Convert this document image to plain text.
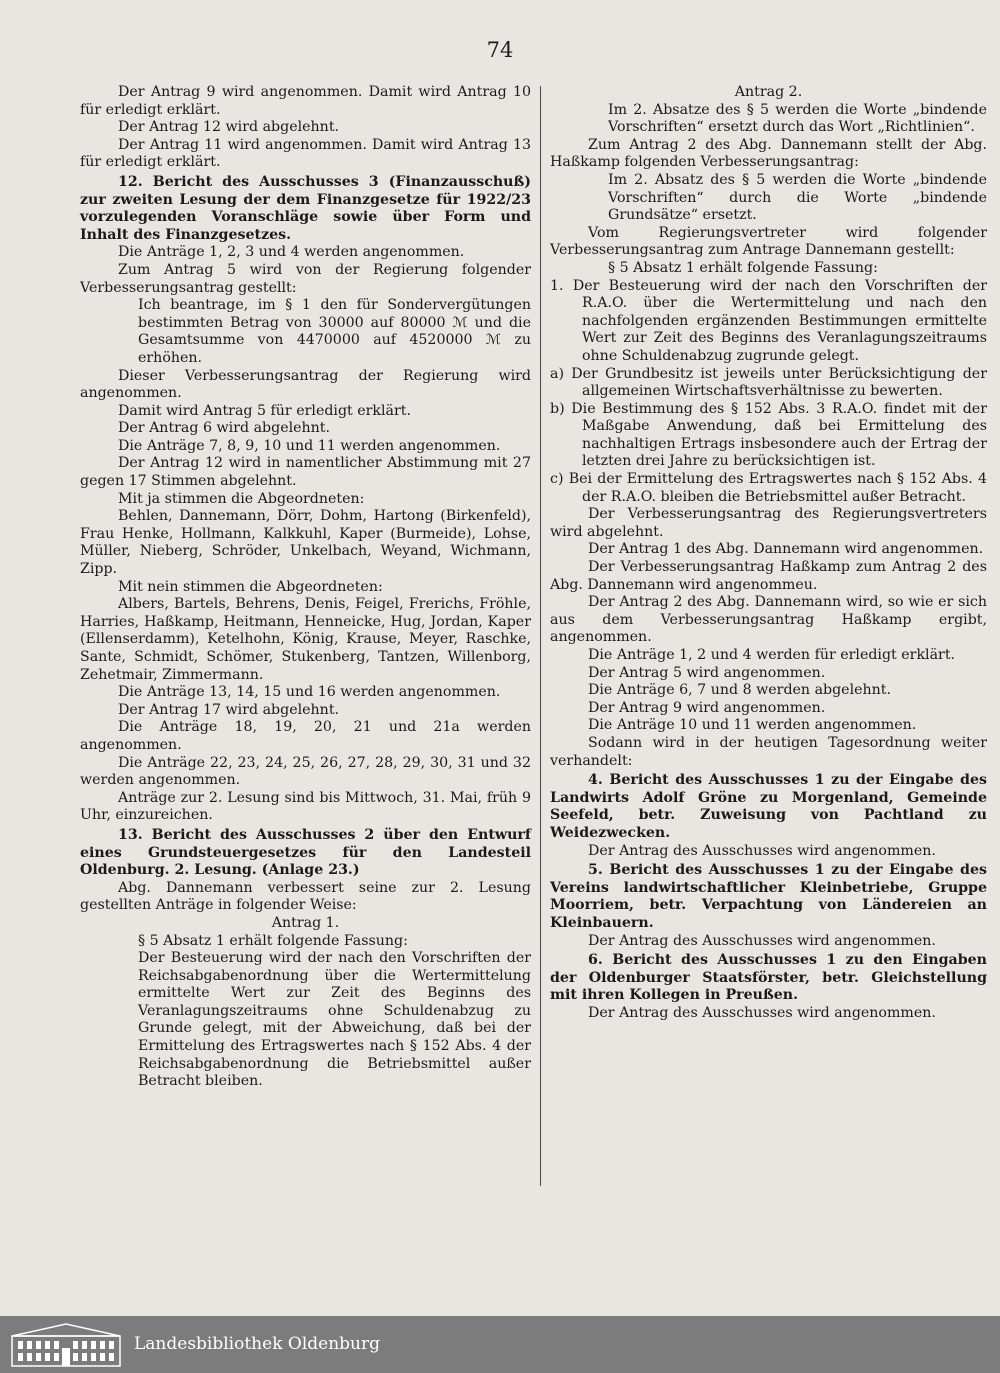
74

Der Antrag 9 wird angenommen. Damit wird Antrag 10 für erledigt erklärt.

Der Antrag 12 wird abgelehnt.

Der Antrag 11 wird angenommen. Damit wird Antrag 13 für erledigt erklärt.

12. Bericht des Ausschusses 3 (Finanzausschuß) zur zweiten Lesung der dem Finanzgesetze für 1922/23 vorzulegenden Voranschläge sowie über Form und Inhalt des Finanzgesetzes.

Die Anträge 1, 2, 3 und 4 werden angenommen.

Zum Antrag 5 wird von der Regierung folgender Verbesserungsantrag gestellt:

Ich beantrage, im § 1 den für Sondervergütungen bestimmten Betrag von 30000 auf 80000 ℳ und die Gesamtsumme von 4470000 auf 4520000 ℳ zu erhöhen.

Dieser Verbesserungsantrag der Regierung wird angenommen.

Damit wird Antrag 5 für erledigt erklärt.

Der Antrag 6 wird abgelehnt.

Die Anträge 7, 8, 9, 10 und 11 werden angenommen.

Der Antrag 12 wird in namentlicher Abstimmung mit 27 gegen 17 Stimmen abgelehnt.

Mit ja stimmen die Abgeordneten:

Behlen, Dannemann, Dörr, Dohm, Hartong (Birkenfeld), Frau Henke, Hollmann, Kalkkuhl, Kaper (Burmeide), Lohse, Müller, Nieberg, Schröder, Unkelbach, Weyand, Wichmann, Zipp.

Mit nein stimmen die Abgeordneten:

Albers, Bartels, Behrens, Denis, Feigel, Frerichs, Fröhle, Harries, Haßkamp, Heitmann, Henneicke, Hug, Jordan, Kaper (Ellenserdamm), Ketelhohn, König, Krause, Meyer, Raschke, Sante, Schmidt, Schömer, Stukenberg, Tantzen, Willenborg, Zehetmair, Zimmermann.

Die Anträge 13, 14, 15 und 16 werden angenommen.

Der Antrag 17 wird abgelehnt.

Die Anträge 18, 19, 20, 21 und 21a werden angenommen.

Die Anträge 22, 23, 24, 25, 26, 27, 28, 29, 30, 31 und 32 werden angenommen.

Anträge zur 2. Lesung sind bis Mittwoch, 31. Mai, früh 9 Uhr, einzureichen.

13. Bericht des Ausschusses 2 über den Entwurf eines Grundsteuergesetzes für den Landesteil Oldenburg. 2. Lesung. (Anlage 23.)

Abg. Dannemann verbessert seine zur 2. Lesung gestellten Anträge in folgender Weise:

Antrag 1.

§ 5 Absatz 1 erhält folgende Fassung:

Der Besteuerung wird der nach den Vorschriften der Reichsabgabenordnung über die Wertermittelung ermittelte Wert zur Zeit des Beginns des Veranlagungszeitraums ohne Schuldenabzug zu Grunde gelegt, mit der Abweichung, daß bei der Ermittelung des Ertragswertes nach § 152 Abs. 4 der Reichsabgabenordnung die Betriebsmittel außer Betracht bleiben.

Antrag 2.

Im 2. Absatze des § 5 werden die Worte „bindende Vorschriften“ ersetzt durch das Wort „Richtlinien“.

Zum Antrag 2 des Abg. Dannemann stellt der Abg. Haßkamp folgenden Verbesserungsantrag:

Im 2. Absatz des § 5 werden die Worte „bindende Vorschriften“ durch die Worte „bindende Grundsätze“ ersetzt.

Vom Regierungsvertreter wird folgender Verbesserungsantrag zum Antrage Dannemann gestellt:

§ 5 Absatz 1 erhält folgende Fassung:

1. Der Besteuerung wird der nach den Vorschriften der R.A.O. über die Wertermittelung und nach den nachfolgenden ergänzenden Bestimmungen ermittelte Wert zur Zeit des Beginns des Veranlagungszeitraums ohne Schuldenabzug zugrunde gelegt.

a) Der Grundbesitz ist jeweils unter Berücksichtigung der allgemeinen Wirtschaftsverhältnisse zu bewerten.

b) Die Bestimmung des § 152 Abs. 3 R.A.O. findet mit der Maßgabe Anwendung, daß bei Ermittelung des nachhaltigen Ertrags insbesondere auch der Ertrag der letzten drei Jahre zu berücksichtigen ist.

c) Bei der Ermittelung des Ertragswertes nach § 152 Abs. 4 der R.A.O. bleiben die Betriebsmittel außer Betracht.

Der Verbesserungsantrag des Regierungsvertreters wird abgelehnt.

Der Antrag 1 des Abg. Dannemann wird angenommen.

Der Verbesserungsantrag Haßkamp zum Antrag 2 des Abg. Dannemann wird angenommeu.

Der Antrag 2 des Abg. Dannemann wird, so wie er sich aus dem Verbesserungsantrag Haßkamp ergibt, angenommen.

Die Anträge 1, 2 und 4 werden für erledigt erklärt.

Der Antrag 5 wird angenommen.

Die Anträge 6, 7 und 8 werden abgelehnt.

Der Antrag 9 wird angenommen.

Die Anträge 10 und 11 werden angenommen.

Sodann wird in der heutigen Tagesordnung weiter verhandelt:

4. Bericht des Ausschusses 1 zu der Eingabe des Landwirts Adolf Gröne zu Morgenland, Gemeinde Seefeld, betr. Zuweisung von Pachtland zu Weidezwecken.

Der Antrag des Ausschusses wird angenommen.

5. Bericht des Ausschusses 1 zu der Eingabe des Vereins landwirtschaftlicher Kleinbetriebe, Gruppe Moorriem, betr. Verpachtung von Ländereien an Kleinbauern.

Der Antrag des Ausschusses wird angenommen.

6. Bericht des Ausschusses 1 zu den Eingaben der Oldenburger Staatsförster, betr. Gleichstellung mit ihren Kollegen in Preußen.

Der Antrag des Ausschusses wird angenommen.

Landesbibliothek Oldenburg
